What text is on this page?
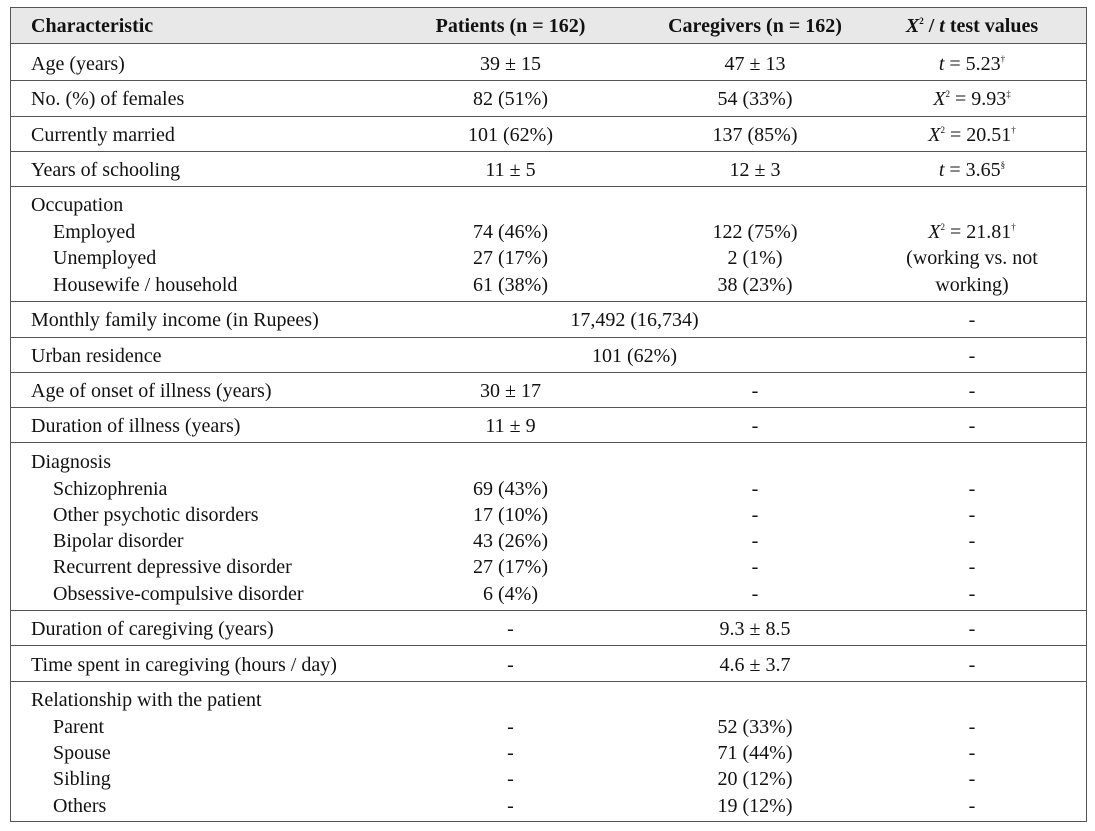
Characteristic	Patients (n = 162)	Caregivers (n = 162)	$X^2$ / t test values
Age (years)	39 ± 15	47 ± 13	t = 5.23†
No. (%) of females	82 (51%)	54 (33%)	$X^2 = 9.93^\ddagger$
Currently married	101 (62%)	137 (85%)	$X^2 = 20.51^\dagger$
Years of schooling	11 ± 5	12 ± 3	t = 3.65§
Occupation
Employed	74 (46%)	122 (75%)	$X^2 = 21.81^\dagger$
Unemployed	27 (17%)	2 (1%)	(working vs. not
Housewife / household	61 (38%)	38 (23%)	working)
Monthly family income (in Rupees)	17,492 (16,734)	-
Urban residence	101 (62%)	-
Age of onset of illness (years)	30 ± 17	-	-
Duration of illness (years)	11 ± 9	-	-
Diagnosis
Schizophrenia	69 (43%)	-	-
Other psychotic disorders	17 (10%)	-	-
Bipolar disorder	43 (26%)	-	-
Recurrent depressive disorder	27 (17%)	-	-
Obsessive-compulsive disorder	6 (4%)	-	-
Duration of caregiving (years)	-	9.3 ± 8.5	-
Time spent in caregiving (hours / day)	-	4.6 ± 3.7	-
Relationship with the patient
Parent	-	52 (33%)	-
Spouse	-	71 (44%)	-
Sibling	-	20 (12%)	-
Others	-	19 (12%)	-
